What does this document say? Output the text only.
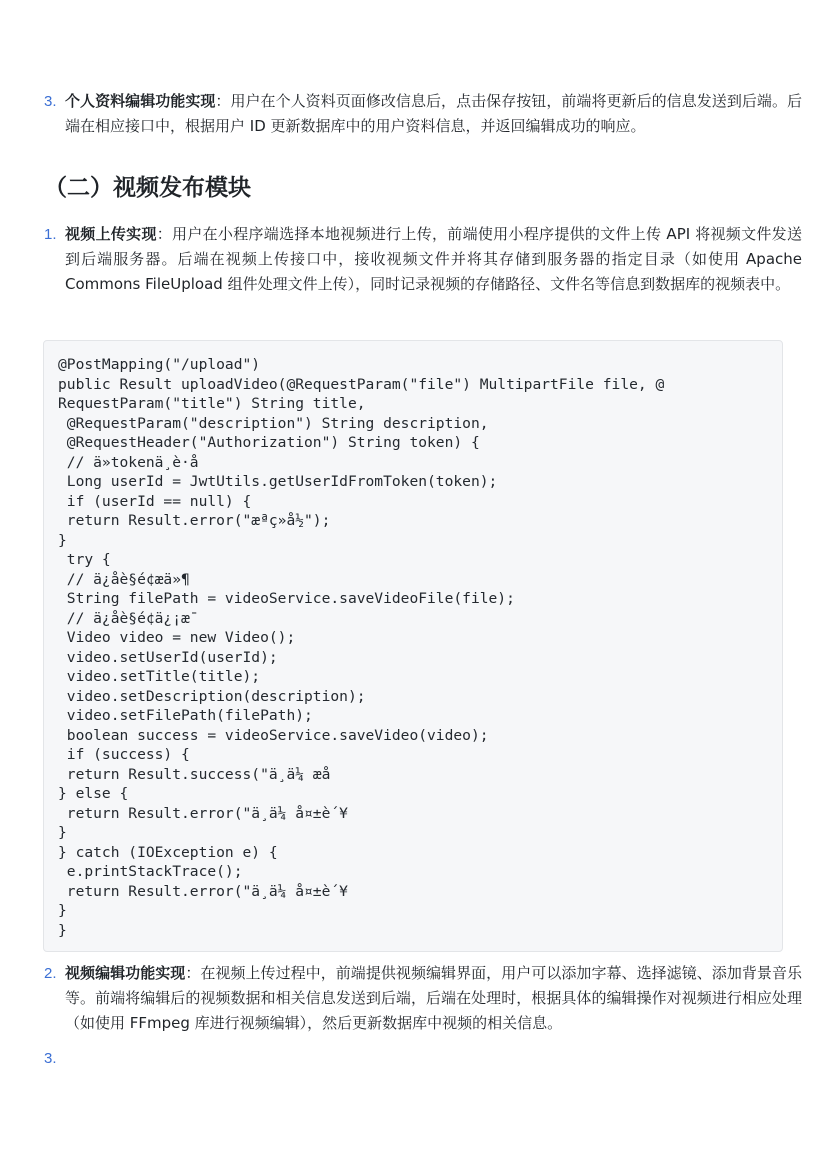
3. 个人资料编辑功能实现：用户在个人资料页面修改信息后，点击保存按钮，前端将更新后的信息发送到后端。后端在相应接口中，根据用户 ID 更新数据库中的用户资料信息，并返回编辑成功的响应。
（二）视频发布模块
1. 视频上传实现：用户在小程序端选择本地视频进行上传，前端使用小程序提供的文件上传 API 将视频文件发送到后端服务器。后端在视频上传接口中，接收视频文件并将其存储到服务器的指定目录（如使用 Apache Commons FileUpload 组件处理文件上传），同时记录视频的存储路径、文件名等信息到数据库的视频表中。
@PostMapping("/upload")
public Result uploadVideo(@RequestParam("file") MultipartFile file, @
RequestParam("title") String title,
@RequestParam("description") String description,
@RequestHeader("Authorization") String token) {
// ä»tokenä¸è·å
Long userId = JwtUtils.getUserIdFromToken(token);
if (userId == null) {
return Result.error("æªç»å½");
}
try {
// ä¿åè§é¢æä»¶
String filePath = videoService.saveVideoFile(file);
// ä¿åè§é¢ä¿¡æ¯
Video video = new Video();
video.setUserId(userId);
video.setTitle(title);
video.setDescription(description);
video.setFilePath(filePath);
boolean success = videoService.saveVideo(video);
if (success) {
return Result.success("ä¸ä¼ æå
} else {
return Result.error("ä¸ä¼ å¤±è´¥
}
} catch (IOException e) {
e.printStackTrace();
return Result.error("ä¸ä¼ å¤±è´¥
}
}
2. 视频编辑功能实现：在视频上传过程中，前端提供视频编辑界面，用户可以添加字幕、选择滤镜、添加背景音乐等。前端将编辑后的视频数据和相关信息发送到后端，后端在处理时，根据具体的编辑操作对视频进行相应处理（如使用 FFmpeg 库进行视频编辑），然后更新数据库中视频的相关信息。
3.
